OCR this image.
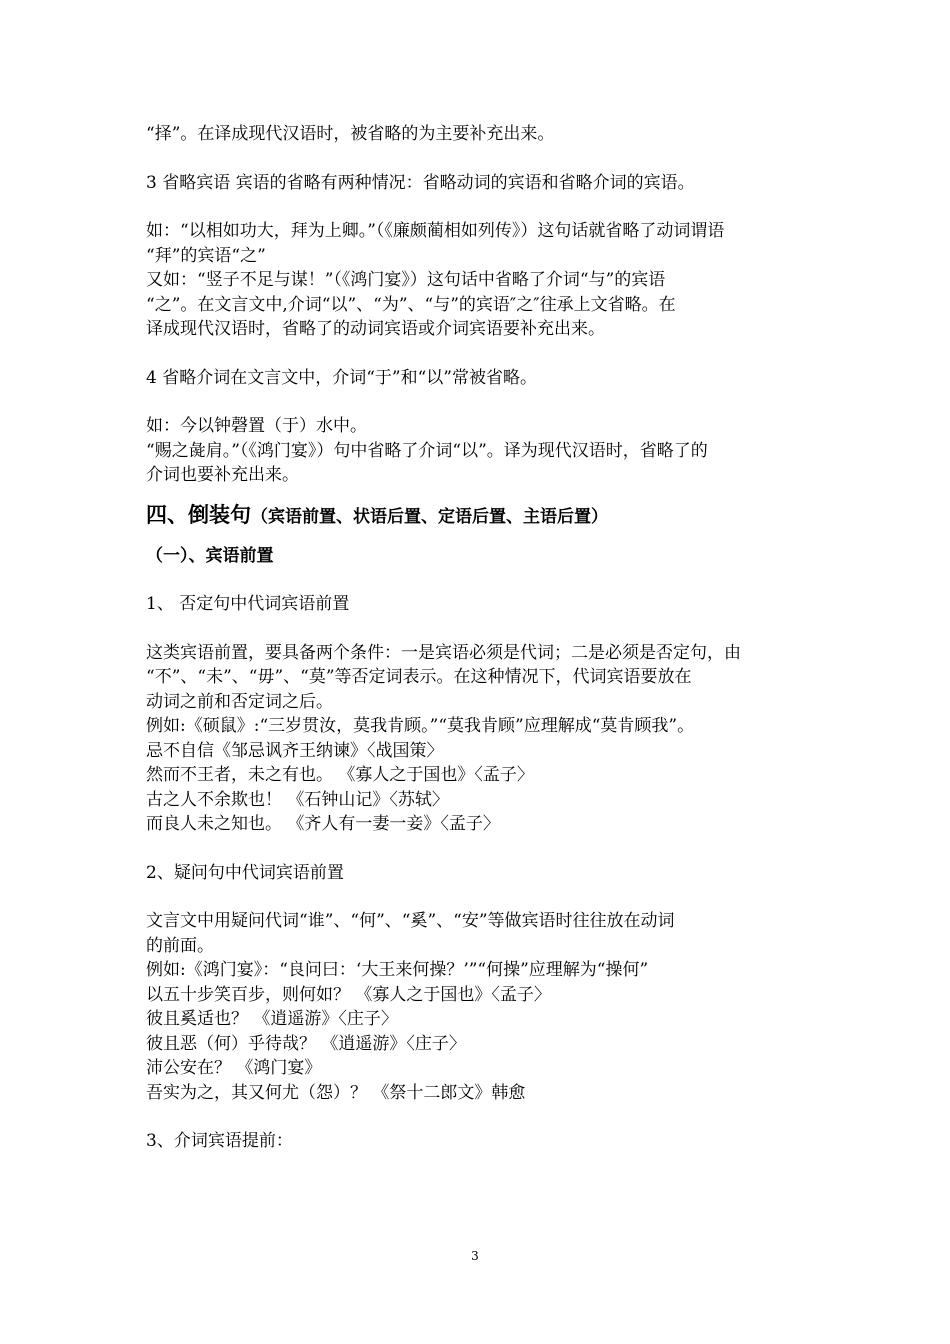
“择”。在译成现代汉语时，被省略的为主要补充出来。
3 省略宾语 宾语的省略有两种情况：省略动词的宾语和省略介词的宾语。
如：“以相如功大，拜为上卿。”（《廉颇蔺相如列传》）这句话就省略了动词谓语
“拜”的宾语“之”
又如：“竖子不足与谋！”（《鸿门宴》）这句话中省略了介词“与”的宾语
“之”。在文言文中,介词“以”、“为”、“与”的宾语″之″往承上文省略。在
译成现代汉语时，省略了的动词宾语或介词宾语要补充出来。
4 省略介词在文言文中，介词“于”和“以”常被省略。
如：今以钟磬置（于）水中。
“赐之彘肩。”（《鸿门宴》）句中省略了介词“以”。译为现代汉语时，省略了的
介词也要补充出来。
四、倒装句（宾语前置、状语后置、定语后置、主语后置）
（一）、宾语前置
1、 否定句中代词宾语前置
这类宾语前置，要具备两个条件：一是宾语必须是代词；二是必须是否定句，由
“不”、“未”、“毋”、“莫”等否定词表示。在这种情况下，代词宾语要放在
动词之前和否定词之后。
例如:《硕鼠》:“三岁贯汝，莫我肯顾。”“莫我肯顾”应理解成“莫肯顾我”。
忌不自信《邹忌讽齐王纳谏》〈战国策〉
然而不王者，未之有也。 《寡人之于国也》〈孟子〉
古之人不余欺也！ 《石钟山记》〈苏轼〉
而良人未之知也。 《齐人有一妻一妾》〈孟子〉
2、疑问句中代词宾语前置
文言文中用疑问代词“谁”、“何”、“奚”、“安”等做宾语时往往放在动词
的前面。
例如:《鸿门宴》：“良问曰：‘大王来何操？’”“何操”应理解为“操何”
以五十步笑百步，则何如？ 《寡人之于国也》〈孟子〉
彼且奚适也？ 《逍遥游》〈庄子〉
彼且恶（何）乎待哉？ 《逍遥游》〈庄子〉
沛公安在？ 《鸿门宴》
吾实为之，其又何尤（怨）？ 《祭十二郎文》韩愈
3、介词宾语提前：
3
